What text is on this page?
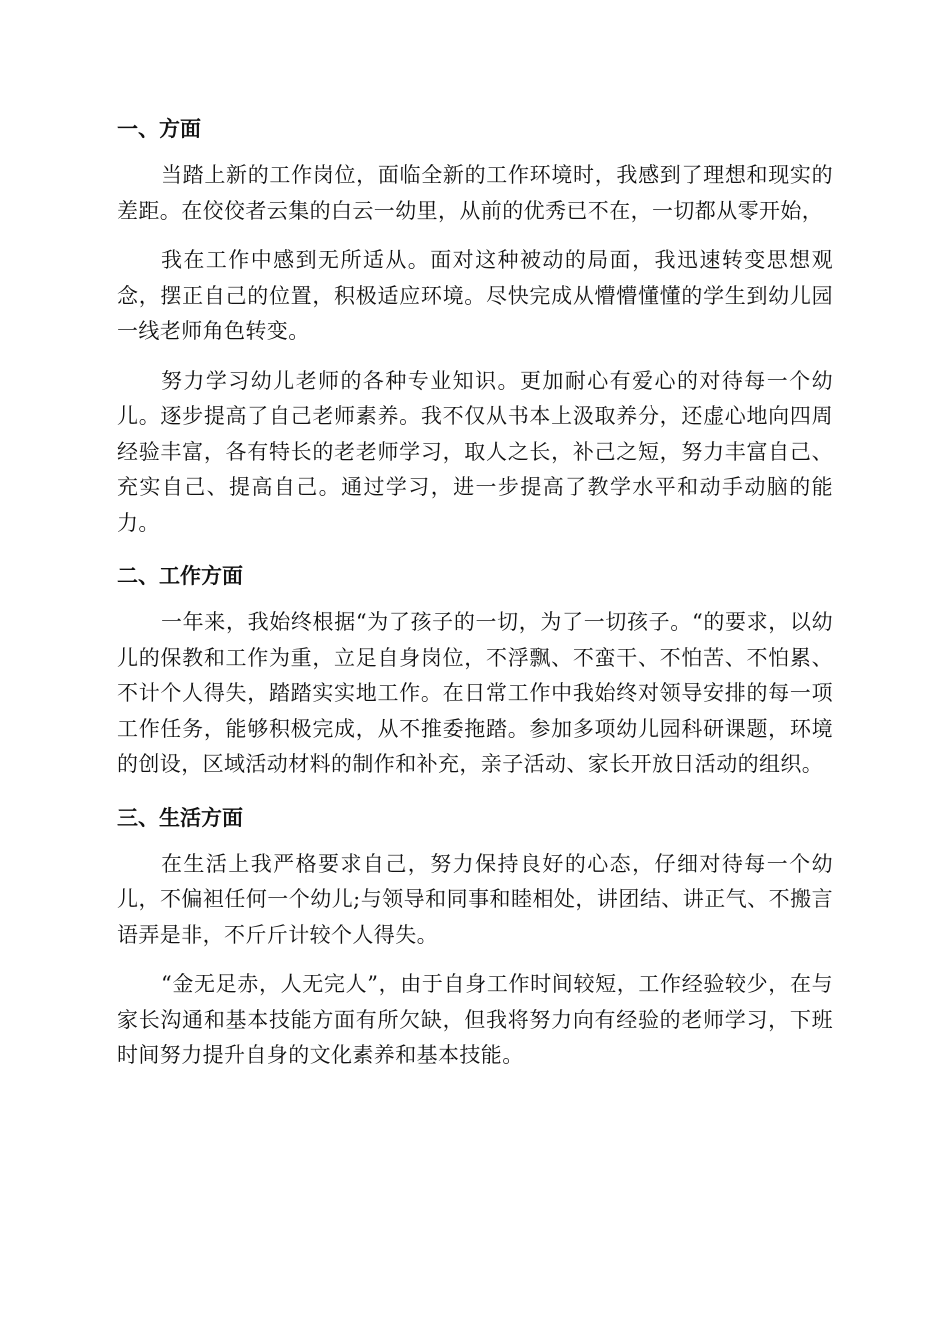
一、方面

当踏上新的工作岗位，面临全新的工作环境时，我感到了理想和现实的差距。在佼佼者云集的白云一幼里，从前的优秀已不在，一切都从零开始，

我在工作中感到无所适从。面对这种被动的局面，我迅速转变思想观念，摆正自己的位置，积极适应环境。尽快完成从懵懵懂懂的学生到幼儿园一线老师角色转变。

努力学习幼儿老师的各种专业知识。更加耐心有爱心的对待每一个幼儿。逐步提高了自己老师素养。我不仅从书本上汲取养分，还虚心地向四周经验丰富，各有特长的老老师学习，取人之长，补己之短，努力丰富自己、充实自己、提高自己。通过学习，进一步提高了教学水平和动手动脑的能力。

二、工作方面

一年来，我始终根据“为了孩子的一切，为了一切孩子。“的要求，以幼儿的保教和工作为重，立足自身岗位，不浮飘、不蛮干、不怕苦、不怕累、不计个人得失，踏踏实实地工作。在日常工作中我始终对领导安排的每一项工作任务，能够积极完成，从不推委拖踏。参加多项幼儿园科研课题，环境的创设，区域活动材料的制作和补充，亲子活动、家长开放日活动的组织。

三、生活方面

在生活上我严格要求自己，努力保持良好的心态，仔细对待每一个幼儿，不偏袒任何一个幼儿;与领导和同事和睦相处，讲团结、讲正气、不搬言语弄是非，不斤斤计较个人得失。

“金无足赤，人无完人”，由于自身工作时间较短，工作经验较少，在与家长沟通和基本技能方面有所欠缺，但我将努力向有经验的老师学习，下班时间努力提升自身的文化素养和基本技能。
